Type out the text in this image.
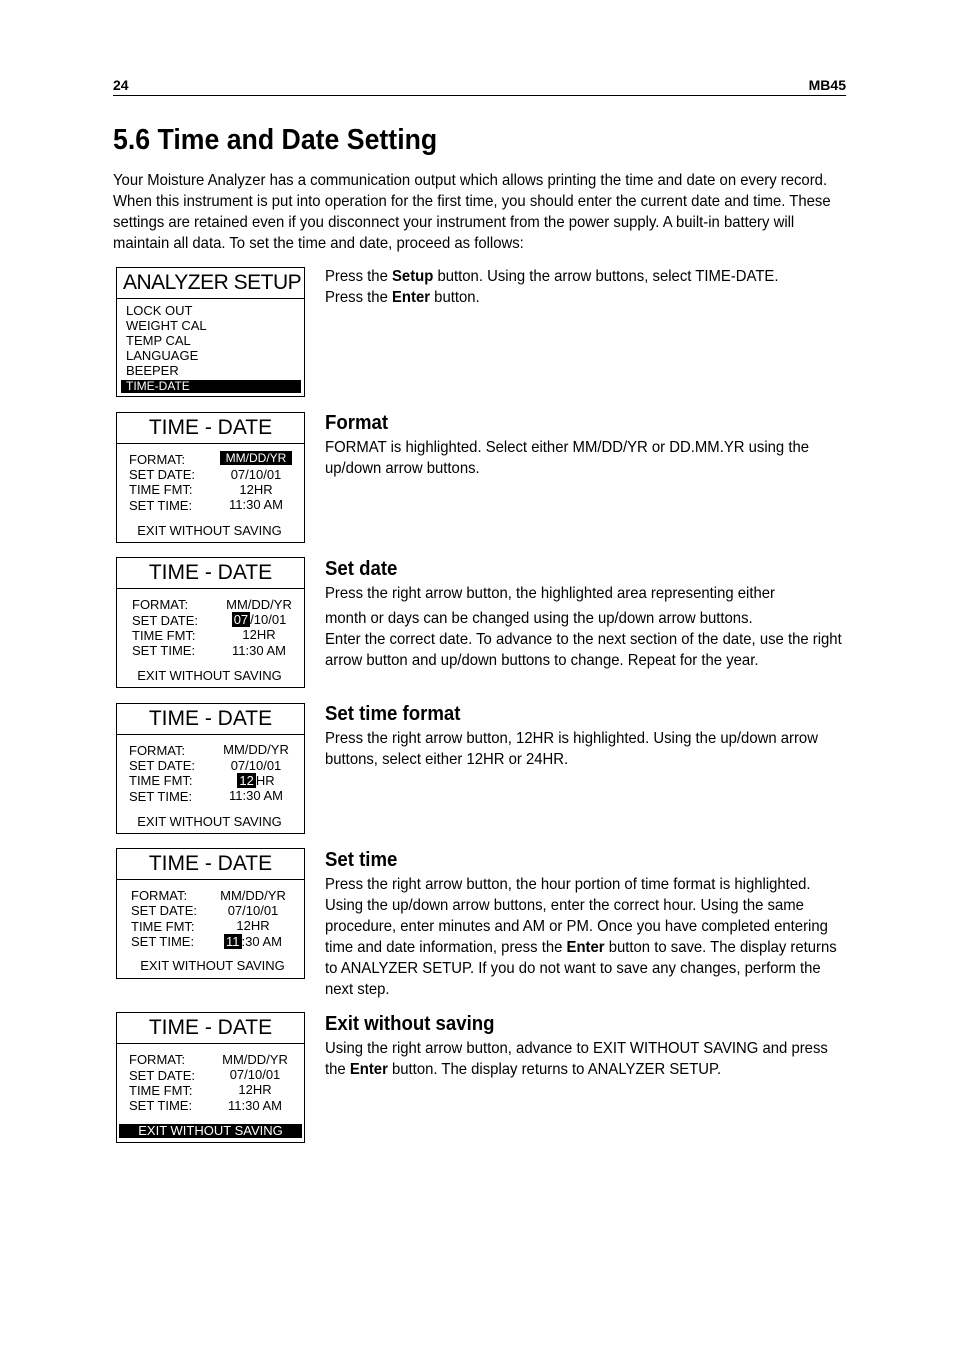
24	MB45
5.6 Time and Date Setting

Your Moisture Analyzer has a communication output which allows printing the time and date on every record. When this instrument is put into operation for the first time, you should enter the current date and time. These settings are retained even if you disconnect your instrument from the power supply. A built-in battery will maintain all data. To set the time and date, proceed as follows:

ANALYZER SETUP
LOCK OUT
WEIGHT CAL
TEMP CAL
LANGUAGE
BEEPER
TIME-DATE

Press the Setup button. Using the arrow buttons, select TIME-DATE.

Press the Enter button.

TIME - DATE
FORMAT:
SET DATE:
TIME FMT:
SET TIME:
MM/DD/YR
07/10/01
12HR
11:30 AM
EXIT WITHOUT SAVING
Format

FORMAT is highlighted. Select either MM/DD/YR or DD.MM.YR using the up/down arrow buttons.

TIME - DATE
FORMAT:
SET DATE:
TIME FMT:
SET TIME:
MM/DD/YR
07 /10/01
12HR
11:30 AM
EXIT WITHOUT SAVING
Set date

Press the right arrow button, the highlighted area representing either

month or days can be changed using the up/down arrow buttons.

Enter the correct date. To advance to the next section of the date, use the right arrow button and up/down buttons to change. Repeat for the year.

TIME - DATE
FORMAT:
SET DATE:
TIME FMT:
SET TIME:
MM/DD/YR
07/10/01
12 HR
11:30 AM
EXIT WITHOUT SAVING
Set time format

Press the right arrow button, 12HR is highlighted. Using the up/down arrow buttons, select either 12HR or 24HR.

TIME - DATE
FORMAT:
SET DATE:
TIME FMT:
SET TIME:
MM/DD/YR
07/10/01
12HR
11 :30 AM
EXIT WITHOUT SAVING
Set time

Press the right arrow button, the hour portion of time format is highlighted. Using the up/down arrow buttons, enter the correct hour. Using the same procedure, enter minutes and AM or PM. Once you have completed entering time and date information, press the Enter button to save. The display returns to ANALYZER SETUP. If you do not want to save any changes, perform the next step.

TIME - DATE
FORMAT:
SET DATE:
TIME FMT:
SET TIME:
MM/DD/YR
07/10/01
12HR
11:30 AM
EXIT WITHOUT SAVING
Exit without saving

Using the right arrow button, advance to EXIT WITHOUT SAVING and press the Enter button. The display returns to ANALYZER SETUP.
